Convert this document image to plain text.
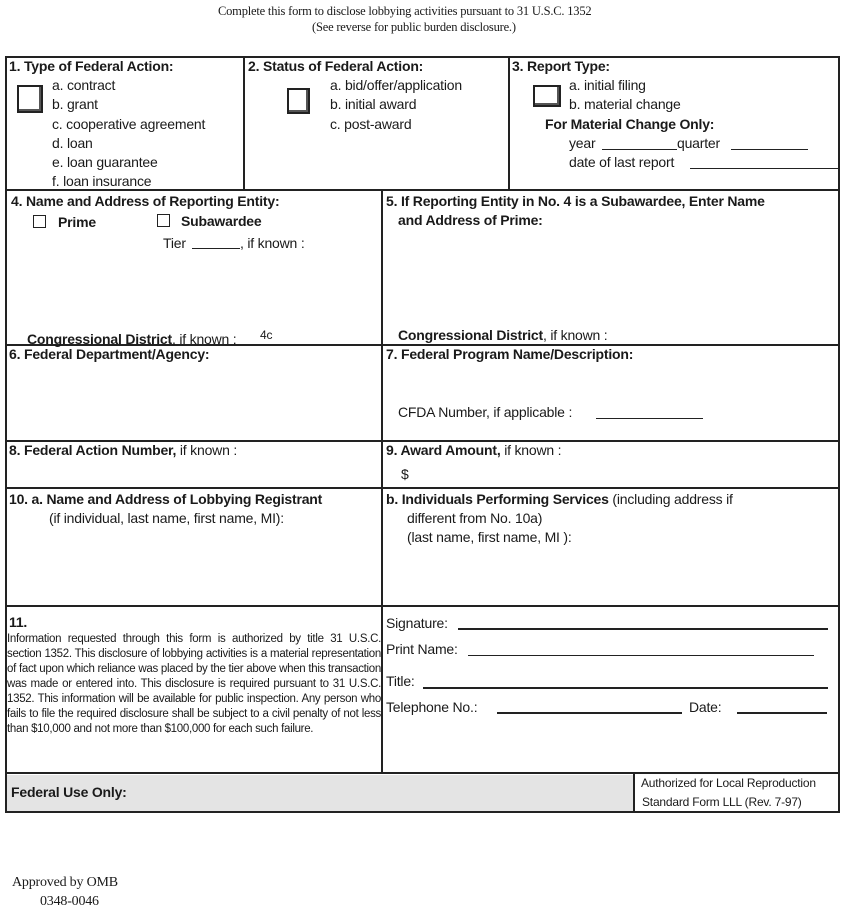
Complete this form to disclose lobbying activities pursuant to 31 U.S.C. 1352
(See reverse for public burden disclosure.)
1. Type of Federal Action:
a. contract
b. grant
c. cooperative agreement
d. loan
e. loan guarantee
f. loan insurance
2. Status of Federal Action:
a. bid/offer/application
b. initial award
c. post-award
3. Report Type:
a. initial filing
b. material change
For Material Change Only:
year	quarter
date of last report
4. Name and Address of Reporting Entity:
Prime	Subawardee
Tier	, if known :
Congressional District, if known : 4c
5. If Reporting Entity in No. 4 is a Subawardee, Enter Name
and Address of Prime:
Congressional District, if known :
6. Federal Department/Agency:	7. Federal Program Name/Description:
CFDA Number, if applicable :
8. Federal Action Number, if known :	9. Award Amount, if known :
$
10. a. Name and Address of Lobbying Registrant
(if individual, last name, first name, MI):
b. Individuals Performing Services (including address if
different from No. 10a)
(last name, first name, MI ):
11.
Information requested through this form is authorized by title 31 U.S.C. section 1352. This disclosure of lobbying activities is a material representation of fact upon which reliance was placed by the tier above when this transaction was made or entered into. This disclosure is required pursuant to 31 U.S.C. 1352. This information will be available for public inspection. Any person who fails to file the required disclosure shall be subject to a civil penalty of not less than $10,000 and not more than $100,000 for each such failure.
Signature:
Print Name:
Title:
Telephone No.:	Date:
Federal Use Only:
Authorized for Local Reproduction
Standard Form LLL (Rev. 7-97)
Approved by OMB
0348-0046
